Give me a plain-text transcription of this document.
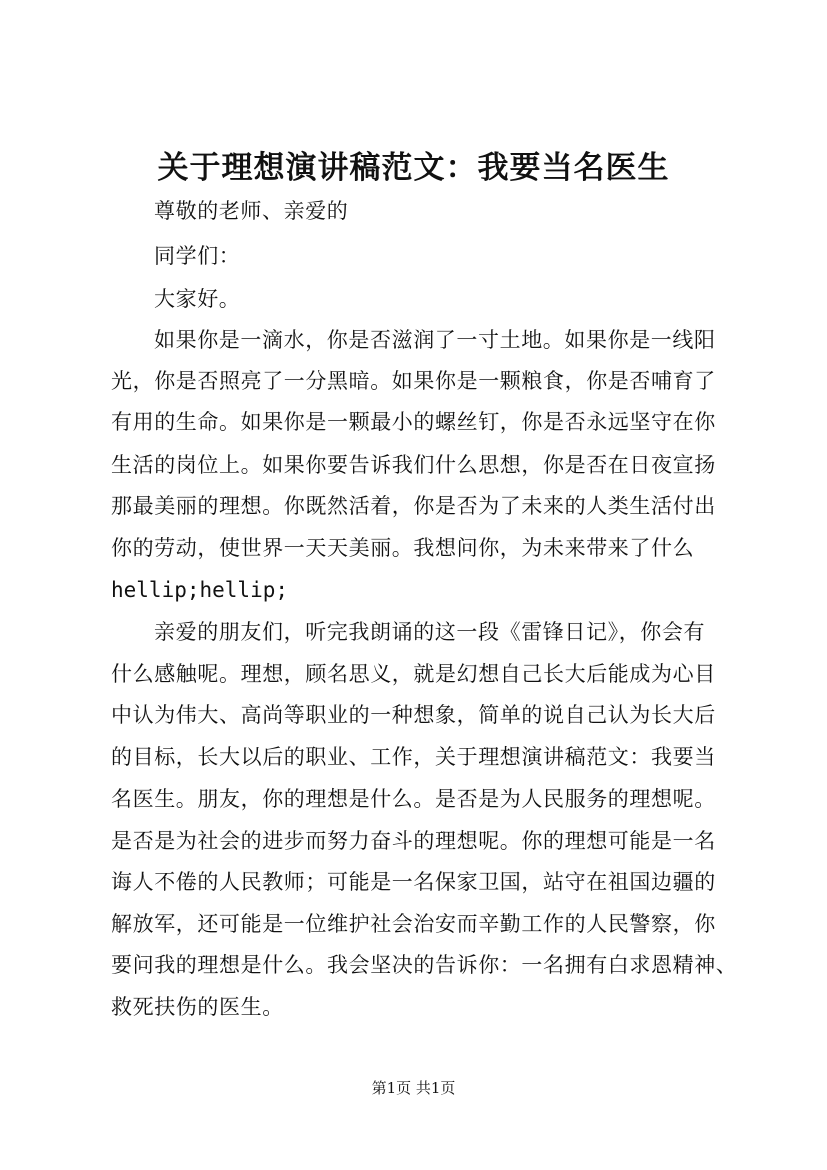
关于理想演讲稿范文：我要当名医生
尊敬的老师、亲爱的
同学们：
大家好。
如果你是一滴水，你是否滋润了一寸土地。如果你是一线阳
光，你是否照亮了一分黑暗。如果你是一颗粮食，你是否哺育了
有用的生命。如果你是一颗最小的螺丝钉，你是否永远坚守在你
生活的岗位上。如果你要告诉我们什么思想，你是否在日夜宣扬
那最美丽的理想。你既然活着，你是否为了未来的人类生活付出
你的劳动，使世界一天天美丽。我想问你，为未来带来了什么
hellip;hellip;
亲爱的朋友们，听完我朗诵的这一段《雷锋日记》，你会有
什么感触呢。理想，顾名思义，就是幻想自己长大后能成为心目
中认为伟大、高尚等职业的一种想象，简单的说自己认为长大后
的目标，长大以后的职业、工作，关于理想演讲稿范文：我要当
名医生。朋友，你的理想是什么。是否是为人民服务的理想呢。
是否是为社会的进步而努力奋斗的理想呢。你的理想可能是一名
诲人不倦的人民教师；可能是一名保家卫国，站守在祖国边疆的
解放军，还可能是一位维护社会治安而辛勤工作的人民警察，你
要问我的理想是什么。我会坚决的告诉你：一名拥有白求恩精神、
救死扶伤的医生。
第1页 共1页
